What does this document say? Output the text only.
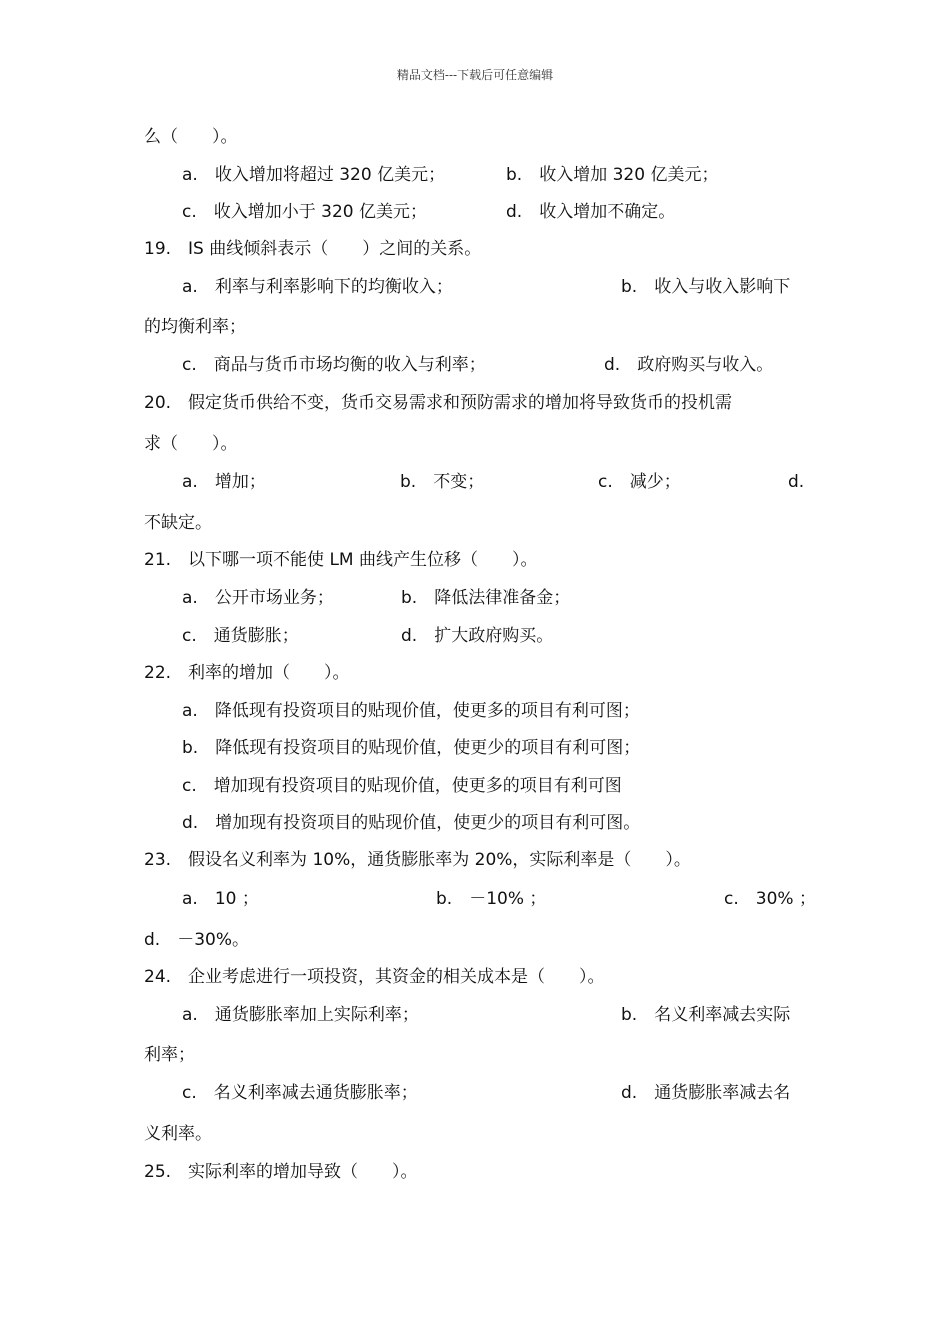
精品文档---下载后可任意编辑
么（　　）。
a.　收入增加将超过 320 亿美元；	b.　收入增加 320 亿美元；
c.　收入增加小于 320 亿美元；	d.　收入增加不确定。
19.　IS 曲线倾斜表示（　　）之间的关系。
a.　利率与利率影响下的均衡收入；	b.　收入与收入影响下
的均衡利率；
c.　商品与货币市场均衡的收入与利率；	d.　政府购买与收入。
20.　假定货币供给不变，货币交易需求和预防需求的增加将导致货币的投机需
求（　　）。
a.　增加；	b.　不变；	c.　减少；	d.
不缺定。
21.　以下哪一项不能使 LM 曲线产生位移（　　）。
a.　公开市场业务；	b.　降低法律准备金；
c.　通货膨胀；	d.　扩大政府购买。
22.　利率的增加（　　）。
a.　降低现有投资项目的贴现价值，使更多的项目有利可图；
b.　降低现有投资项目的贴现价值，使更少的项目有利可图；
c.　增加现有投资项目的贴现价值，使更多的项目有利可图
d.　增加现有投资项目的贴现价值，使更少的项目有利可图。
23.　假设名义利率为 10%，通货膨胀率为 20%，实际利率是（　　）。
a.　10 ；	b.　－10% ；	c.　30% ；
d.　－30%。
24.　企业考虑进行一项投资，其资金的相关成本是（　　）。
a.　通货膨胀率加上实际利率；	b.　名义利率减去实际
利率；
c.　名义利率减去通货膨胀率；	d.　通货膨胀率减去名
义利率。
25.　实际利率的增加导致（　　）。
